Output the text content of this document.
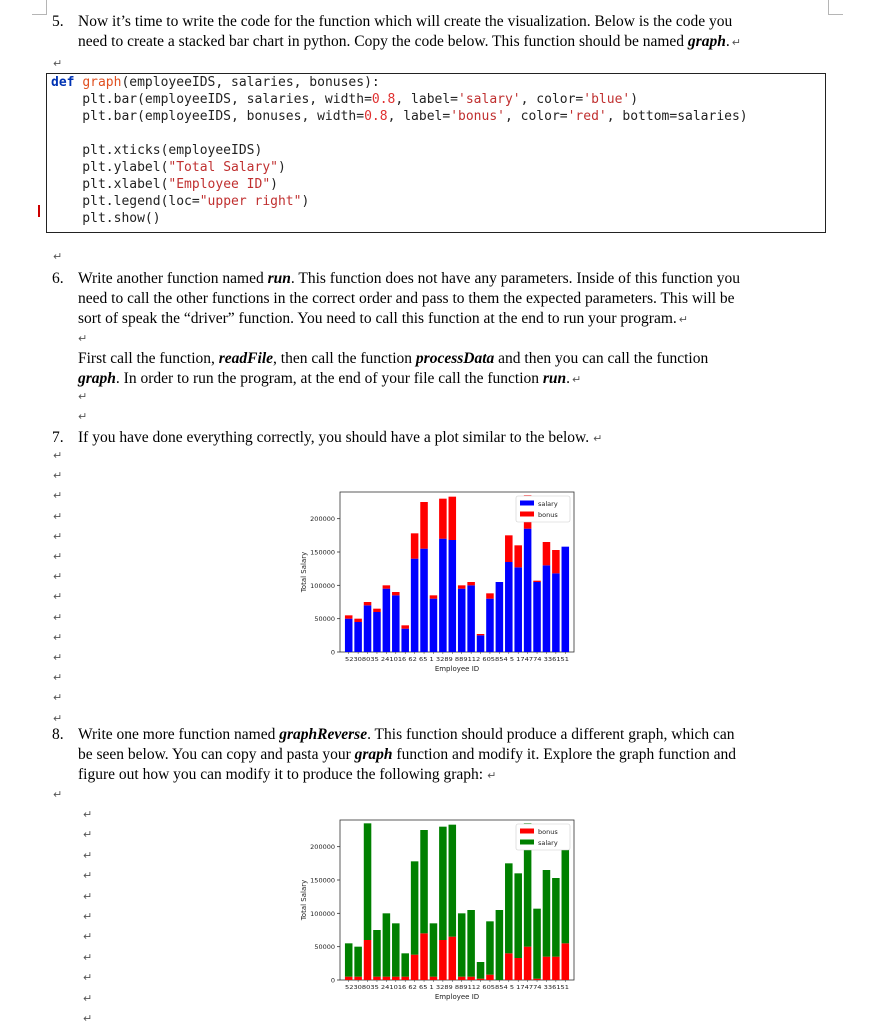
5. Now it’s time to write the code for the function which will create the visualization. Below is the code you
need to create a stacked bar chart in python. Copy the code below. This function should be named graph. ↵
↵
def graph(employeeIDS, salaries, bonuses):
plt.bar(employeeIDS, salaries, width=0.8, label='salary', color='blue')
plt.bar(employeeIDS, bonuses, width=0.8, label='bonus', color='red', bottom=salaries)
plt.xticks(employeeIDS)
plt.ylabel("Total Salary")
plt.xlabel("Employee ID")
plt.legend(loc="upper right")
plt.show()
↵
6. Write another function named run. This function does not have any parameters. Inside of this function you
need to call the other functions in the correct order and pass to them the expected parameters. This will be
sort of speak the “driver” function. You need to call this function at the end to run your program. ↵
↵
First call the function, readFile, then call the function processData and then you can call the function
graph. In order to run the program, at the end of your file call the function run. ↵
↵
↵
7. If you have done everything correctly, you should have a plot similar to the below. ↵
0
50000
100000
150000
200000
52308035 241016 62 65 1 3289 889112 605854 5 174774 336151
Employee ID
Total Salary
salary
bonus
8. Write one more function named graphReverse. This function should produce a different graph, which can
be seen below. You can copy and pasta your graph function and modify it. Explore the graph function and
figure out how you can modify it to produce the following graph: ↵
0
50000
100000
150000
200000
52308035 241016 62 65 1 3289 889112 605854 5 174774 336151
Employee ID
Total Salary
bonus
salary
↵
↵
↵
↵
↵
↵
↵
↵
↵
↵
↵
↵
↵
↵
↵
↵
↵
↵
↵
↵
↵
↵
↵
↵
↵
↵
